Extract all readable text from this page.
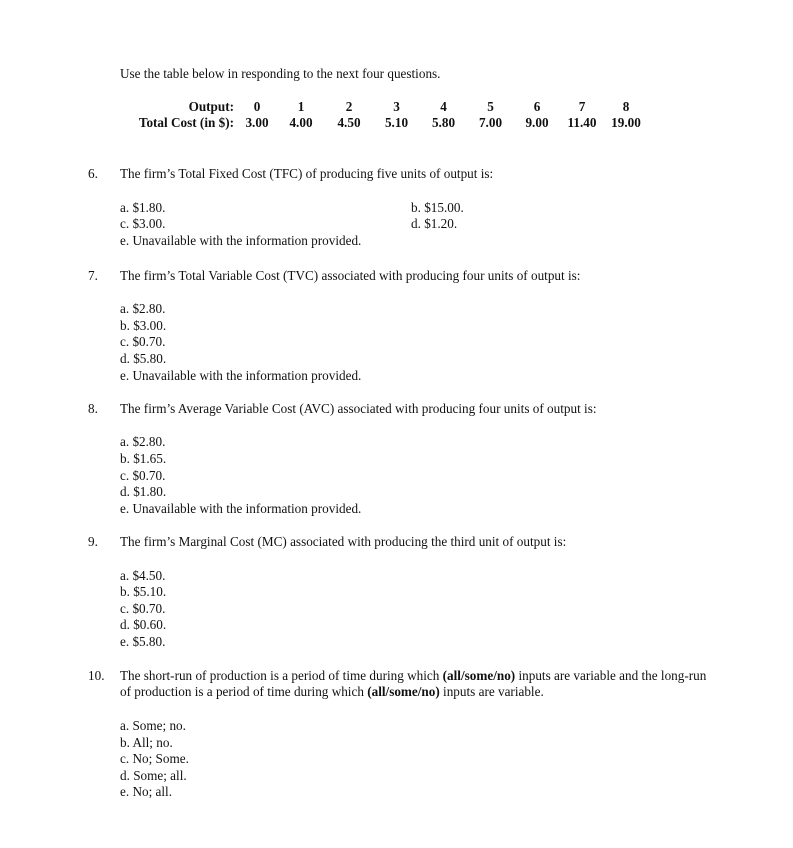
Use the table below in responding to the next four questions.
Output:	0	1	2	3	4	5	6	7	8
Total Cost (in $):	3.00	4.00	4.50	5.10	5.80	7.00	9.00	11.40	19.00
6. The firm’s Total Fixed Cost (TFC) of producing five units of output is:
a. $1.80.	b. $15.00.
c. $3.00.	d. $1.20.
e. Unavailable with the information provided.
7. The firm’s Total Variable Cost (TVC) associated with producing four units of output is:
a. $2.80.
b. $3.00.
c. $0.70.
d. $5.80.
e. Unavailable with the information provided.
8. The firm’s Average Variable Cost (AVC) associated with producing four units of output is:
a. $2.80.
b. $1.65.
c. $0.70.
d. $1.80.
e. Unavailable with the information provided.
9. The firm’s Marginal Cost (MC) associated with producing the third unit of output is:
a. $4.50.
b. $5.10.
c. $0.70.
d. $0.60.
e. $5.80.
10. The short-run of production is a period of time during which (all/some/no) inputs are variable and the long-run of production is a period of time during which (all/some/no) inputs are variable.
a. Some; no.
b. All; no.
c. No; Some.
d. Some; all.
e. No; all.
